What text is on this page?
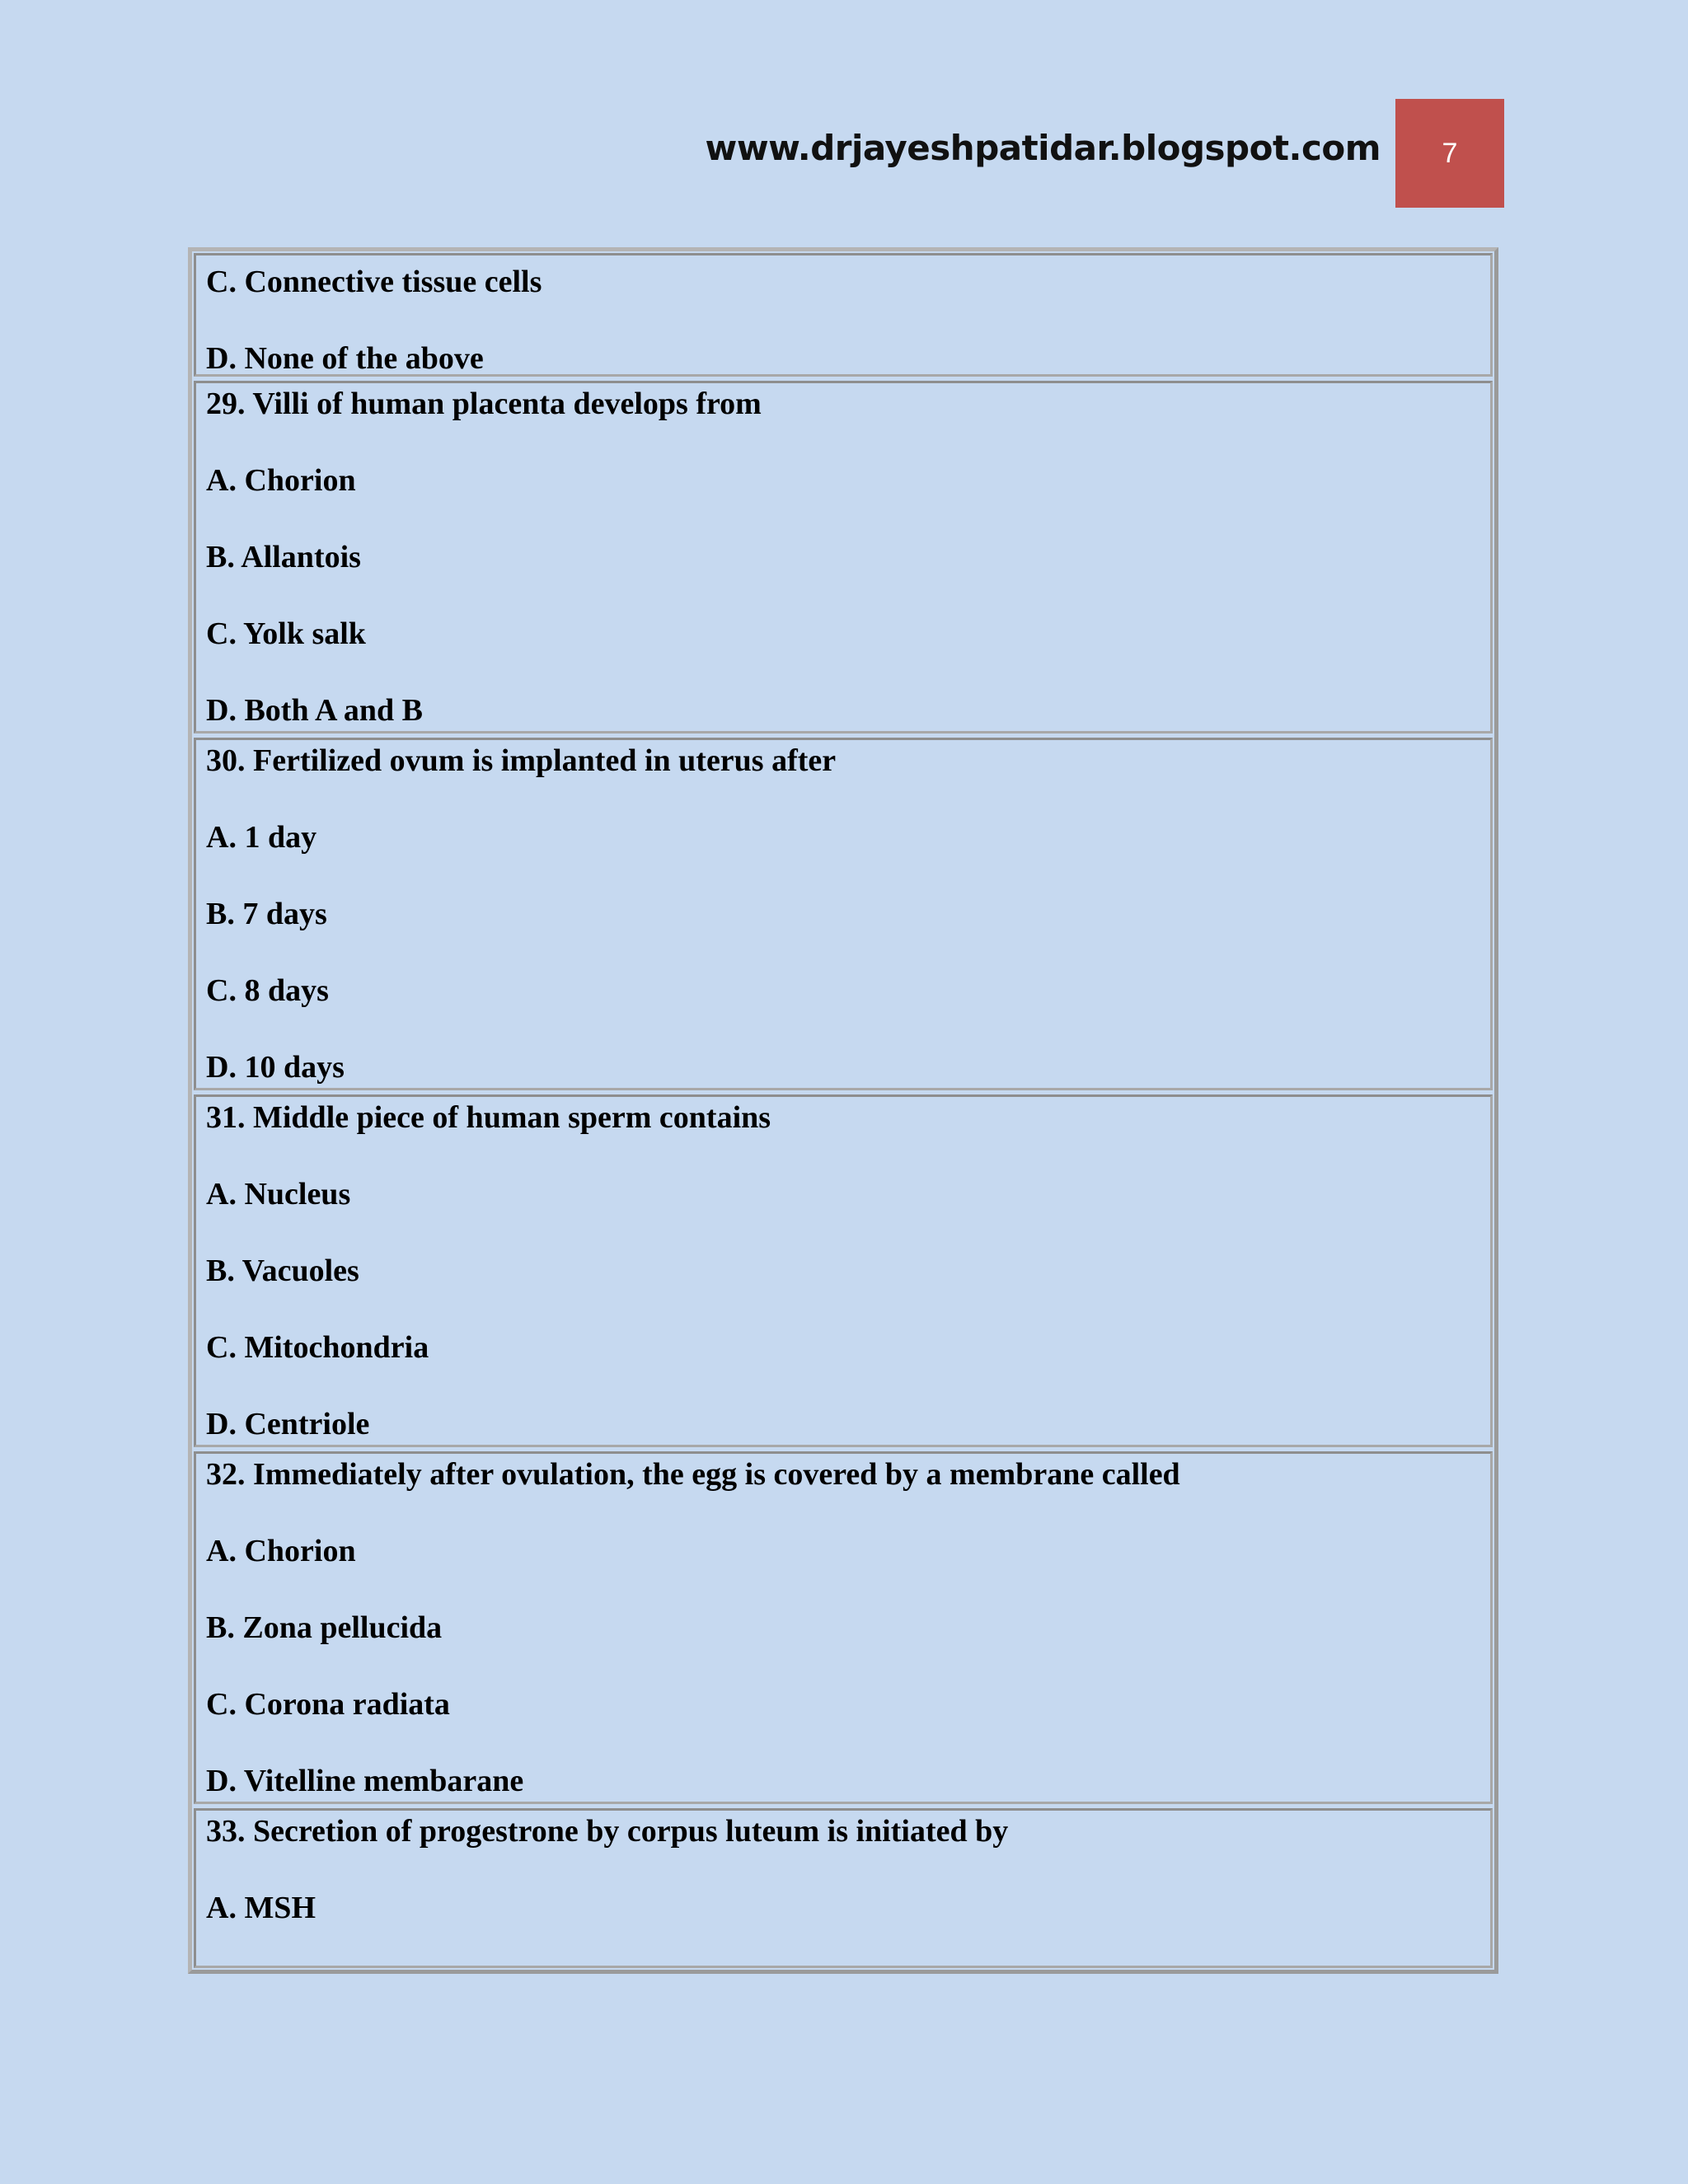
www.drjayeshpatidar.blogspot.com	7
C. Connective tissue cells
D. None of the above
29. Villi of human placenta develops from
A. Chorion
B. Allantois
C. Yolk salk
D. Both A and B
30. Fertilized ovum is implanted in uterus after
A. 1 day
B. 7 days
C. 8 days
D. 10 days
31. Middle piece of human sperm contains
A. Nucleus
B. Vacuoles
C. Mitochondria
D. Centriole
32. Immediately after ovulation, the egg is covered by a membrane called
A. Chorion
B. Zona pellucida
C. Corona radiata
D. Vitelline membarane
33. Secretion of progestrone by corpus luteum is initiated by
A. MSH
